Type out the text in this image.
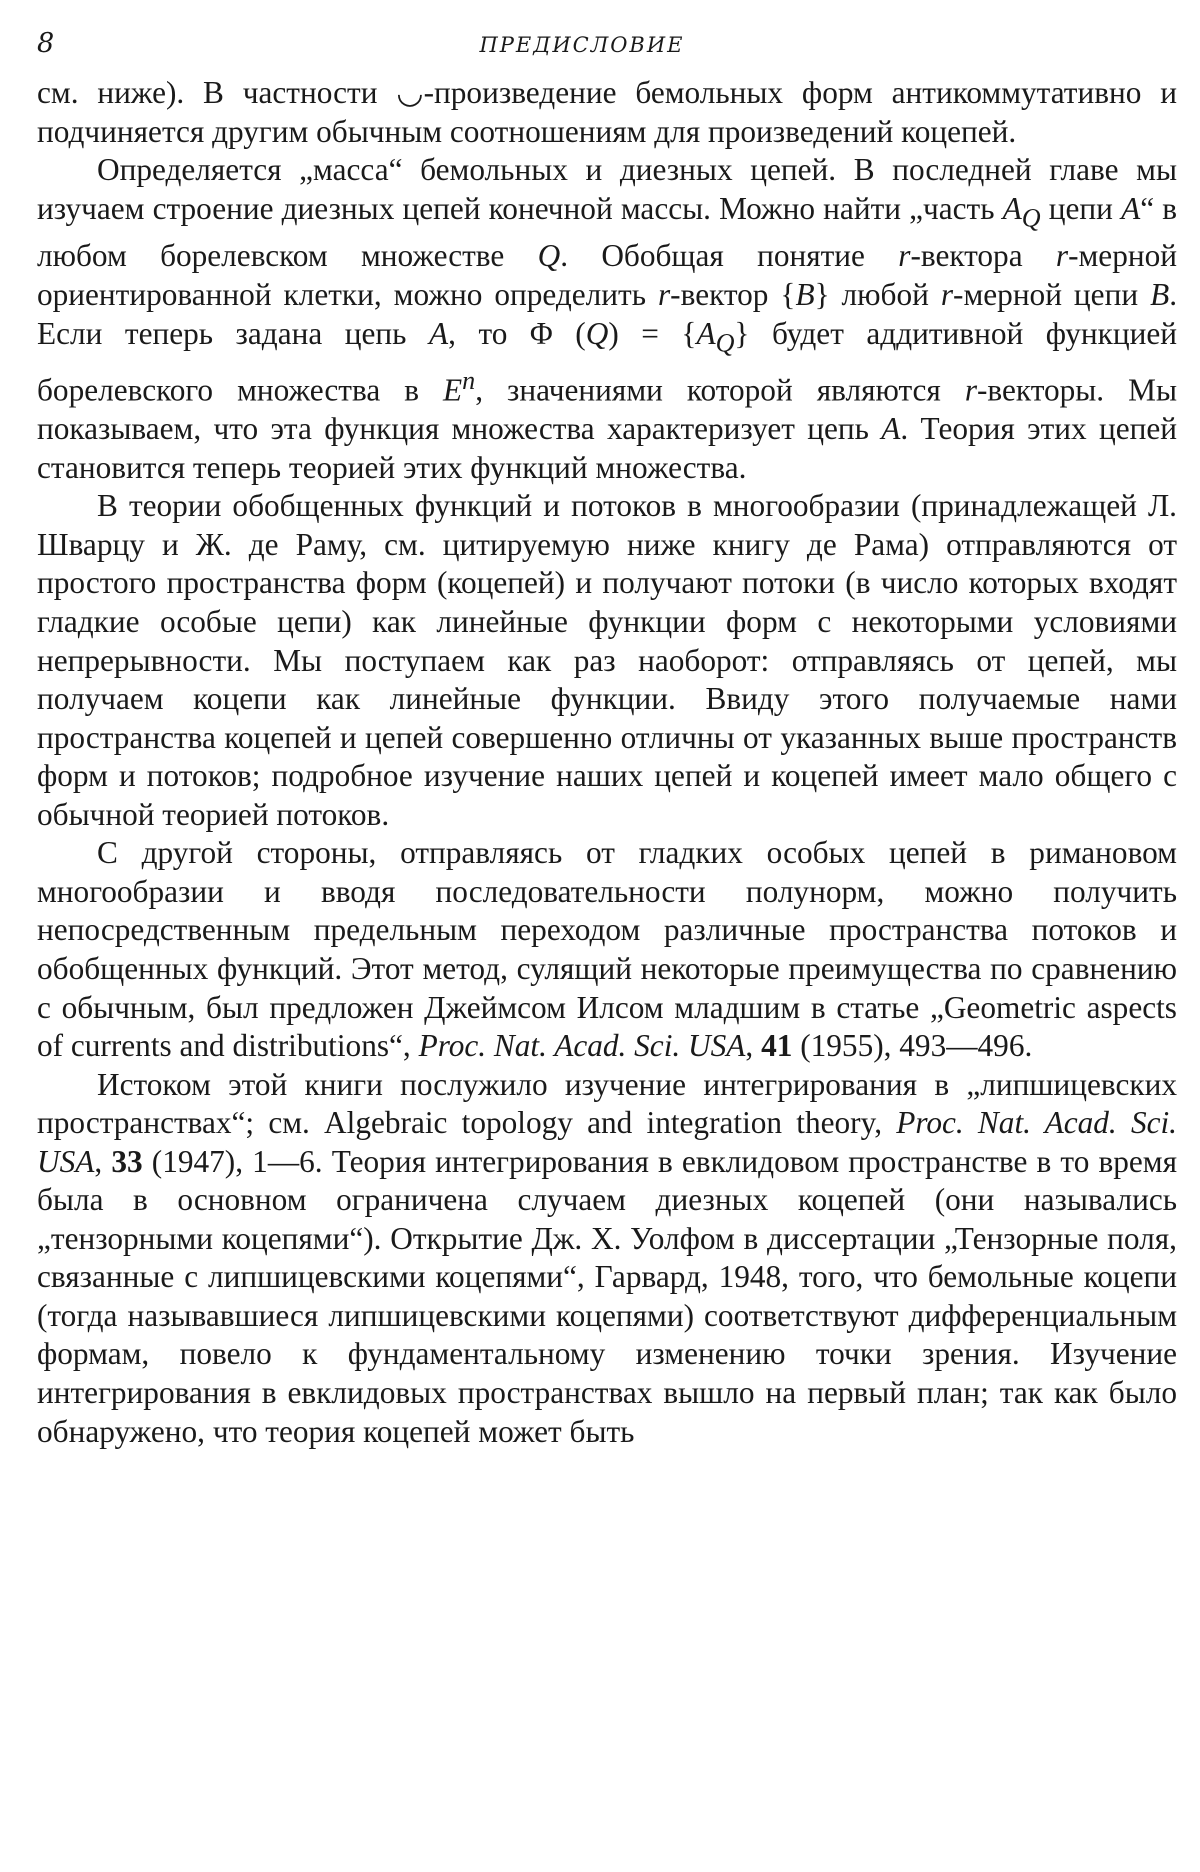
8	ПРЕДИСЛОВИЕ

см. ниже). В частности ◡-произведение бемольных форм антикоммутативно и подчиняется другим обычным соотношениям для произведений коцепей.

Определяется „масса“ бемольных и диезных цепей. В последней главе мы изучаем строение диезных цепей конечной массы. Можно найти „часть $A_Q$ цепи A“ в любом борелевском множестве Q. Обобщая понятие r-вектора r-мерной ориентированной клетки, можно определить r-вектор {B} любой r-мерной цепи B. Если теперь задана цепь A, то Φ $(Q) = \{A_Q\}$ будет аддитивной функцией борелевского множества в $E^n$, значениями которой являются r-векторы. Мы показываем, что эта функция множества характеризует цепь A. Теория этих цепей становится теперь теорией этих функций множества.

В теории обобщенных функций и потоков в многообразии (принадлежащей Л. Шварцу и Ж. де Раму, см. цитируемую ниже книгу де Рама) отправляются от простого пространства форм (коцепей) и получают потоки (в число которых входят гладкие особые цепи) как линейные функции форм с некоторыми условиями непрерывности. Мы поступаем как раз наоборот: отправляясь от цепей, мы получаем коцепи как линейные функции. Ввиду этого получаемые нами пространства коцепей и цепей совершенно отличны от указанных выше пространств форм и потоков; подробное изучение наших цепей и коцепей имеет мало общего с обычной теорией потоков.

С другой стороны, отправляясь от гладких особых цепей в римановом многообразии и вводя последовательности полунорм, можно получить непосредственным предельным переходом различные пространства потоков и обобщенных функций. Этот метод, сулящий некоторые преимущества по сравнению с обычным, был предложен Джеймсом Илсом младшим в статье „Geometric aspects of currents and distributions“, Proc. Nat. Acad. Sci. USA, 41 (1955), 493—496.

Истоком этой книги послужило изучение интегрирования в „липшицевских пространствах“; см. Algebraic topology and integration theory, Proc. Nat. Acad. Sci. USA, 33 (1947), 1—6. Теория интегрирования в евклидовом пространстве в то время была в основном ограничена случаем диезных коцепей (они назывались „тензорными коцепями“). Открытие Дж. Х. Уолфом в диссертации „Тензорные поля, связанные с липшицевскими коцепями“, Гарвард, 1948, того, что бемольные коцепи (тогда называвшиеся липшицевскими коцепями) соответствуют дифференциальным формам, повело к фундаментальному изменению точки зрения. Изучение интегрирования в евклидовых пространствах вышло на первый план; так как было обнаружено, что теория коцепей может быть
